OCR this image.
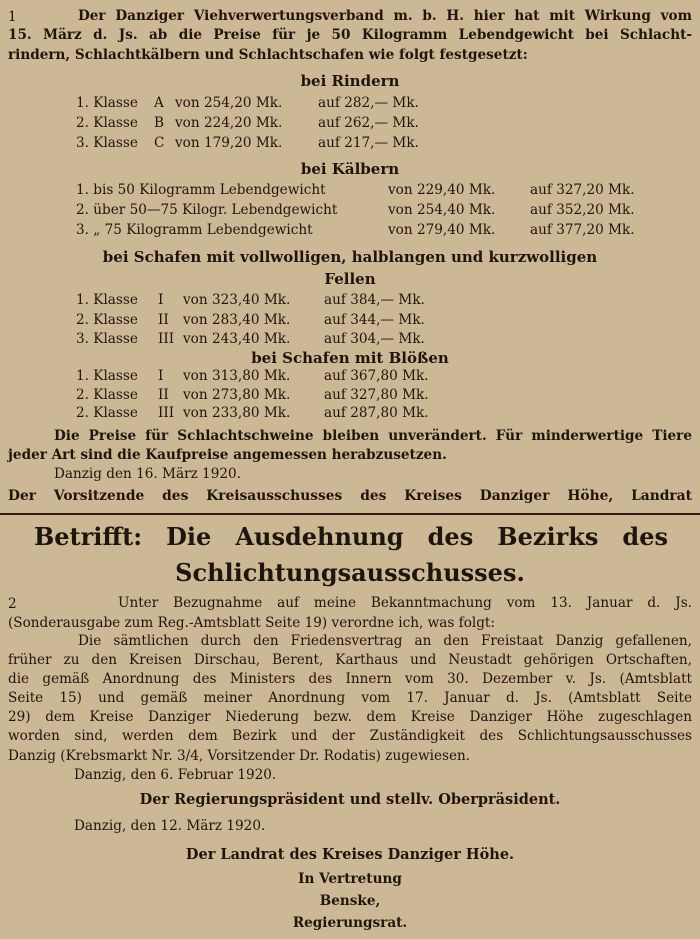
1	Der Danziger Viehverwertungsverband m. b. H. hier hat mit Wirkung vom
15. März d. Js. ab die Preise für je 50 Kilogramm Lebendgewicht bei Schlacht-
rindern, Schlachtkälbern und Schlachtschafen wie folgt festgesetzt:
bei Rindern
1. Klasse A von 254,20 Mk.	auf 282,— Mk.
2. Klasse B von 224,20 Mk.	auf 262,— Mk.
3. Klasse C von 179,20 Mk.	auf 217,— Mk.
bei Kälbern
1. bis 50 Kilogramm Lebendgewicht	von 229,40 Mk.	auf 327,20 Mk.
2. über 50—75 Kilogr. Lebendgewicht	von 254,40 Mk.	auf 352,20 Mk.
3. „ 75 Kilogramm Lebendgewicht	von 279,40 Mk.	auf 377,20 Mk.
bei Schafen mit vollwolligen, halblangen und kurzwolligen
Fellen
1. Klasse I von 323,40 Mk. auf 384,— Mk.
2. Klasse II von 283,40 Mk. auf 344,— Mk.
3. Klasse III von 243,40 Mk. auf 304,— Mk.
bei Schafen mit Blößen
1. Klasse I von 313,80 Mk. auf 367,80 Mk.
2. Klasse II von 273,80 Mk. auf 327,80 Mk.
2. Klasse III von 233,80 Mk. auf 287,80 Mk.
Die Preise für Schlachtschweine bleiben unverändert. Für minderwertige Tiere
jeder Art sind die Kaufpreise angemessen herabzusetzen.
Danzig den 16. März 1920.
Der Vorsitzende des Kreisausschusses des Kreises Danziger Höhe, Landrat
Betrifft: Die Ausdehnung des Bezirks des
Schlichtungsausschusses.
2	Unter Bezugnahme auf meine Bekanntmachung vom 13. Januar d. Js.
(Sonderausgabe zum Reg.-Amtsblatt Seite 19) verordne ich, was folgt:
Die sämtlichen durch den Friedensvertrag an den Freistaat Danzig gefallenen,
früher zu den Kreisen Dirschau, Berent, Karthaus und Neustadt gehörigen Ortschaften,
die gemäß Anordnung des Ministers des Innern vom 30. Dezember v. Js. (Amtsblatt
Seite 15) und gemäß meiner Anordnung vom 17. Januar d. Js. (Amtsblatt Seite
29) dem Kreise Danziger Niederung bezw. dem Kreise Danziger Höhe zugeschlagen
worden sind, werden dem Bezirk und der Zuständigkeit des Schlichtungsausschusses
Danzig (Krebsmarkt Nr. 3/4, Vorsitzender Dr. Rodatis) zugewiesen.
Danzig, den 6. Februar 1920.
Der Regierungspräsident und stellv. Oberpräsident.
Danzig, den 12. März 1920.
Der Landrat des Kreises Danziger Höhe.
In Vertretung
Benske,
Regierungsrat.
